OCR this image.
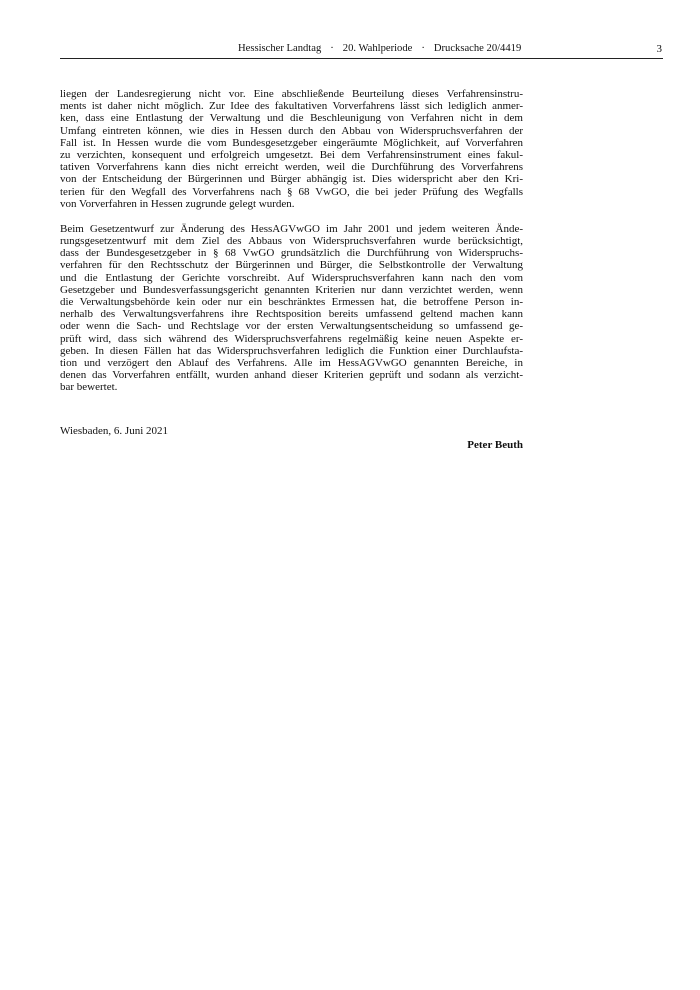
Hessischer Landtag · 20. Wahlperiode · Drucksache 20/4419	3
liegen der Landesregierung nicht vor. Eine abschließende Beurteilung dieses Verfahrensinstru-
ments ist daher nicht möglich. Zur Idee des fakultativen Vorverfahrens lässt sich lediglich anmer-
ken, dass eine Entlastung der Verwaltung und die Beschleunigung von Verfahren nicht in dem
Umfang eintreten können, wie dies in Hessen durch den Abbau von Widerspruchsverfahren der
Fall ist. In Hessen wurde die vom Bundesgesetzgeber eingeräumte Möglichkeit, auf Vorverfahren
zu verzichten, konsequent und erfolgreich umgesetzt. Bei dem Verfahrensinstrument eines fakul-
tativen Vorverfahrens kann dies nicht erreicht werden, weil die Durchführung des Vorverfahrens
von der Entscheidung der Bürgerinnen und Bürger abhängig ist. Dies widerspricht aber den Kri-
terien für den Wegfall des Vorverfahrens nach § 68 VwGO, die bei jeder Prüfung des Wegfalls
von Vorverfahren in Hessen zugrunde gelegt wurden.
Beim Gesetzentwurf zur Änderung des HessAGVwGO im Jahr 2001 und jedem weiteren Ände-
rungsgesetzentwurf mit dem Ziel des Abbaus von Widerspruchsverfahren wurde berücksichtigt,
dass der Bundesgesetzgeber in § 68 VwGO grundsätzlich die Durchführung von Widerspruchs-
verfahren für den Rechtsschutz der Bürgerinnen und Bürger, die Selbstkontrolle der Verwaltung
und die Entlastung der Gerichte vorschreibt. Auf Widerspruchsverfahren kann nach den vom
Gesetzgeber und Bundesverfassungsgericht genannten Kriterien nur dann verzichtet werden, wenn
die Verwaltungsbehörde kein oder nur ein beschränktes Ermessen hat, die betroffene Person in-
nerhalb des Verwaltungsverfahrens ihre Rechtsposition bereits umfassend geltend machen kann
oder wenn die Sach- und Rechtslage vor der ersten Verwaltungsentscheidung so umfassend ge-
prüft wird, dass sich während des Widerspruchsverfahrens regelmäßig keine neuen Aspekte er-
geben. In diesen Fällen hat das Widerspruchsverfahren lediglich die Funktion einer Durchlaufsta-
tion und verzögert den Ablauf des Verfahrens. Alle im HessAGVwGO genannten Bereiche, in
denen das Vorverfahren entfällt, wurden anhand dieser Kriterien geprüft und sodann als verzicht-
bar bewertet.
Wiesbaden, 6. Juni 2021
Peter Beuth
